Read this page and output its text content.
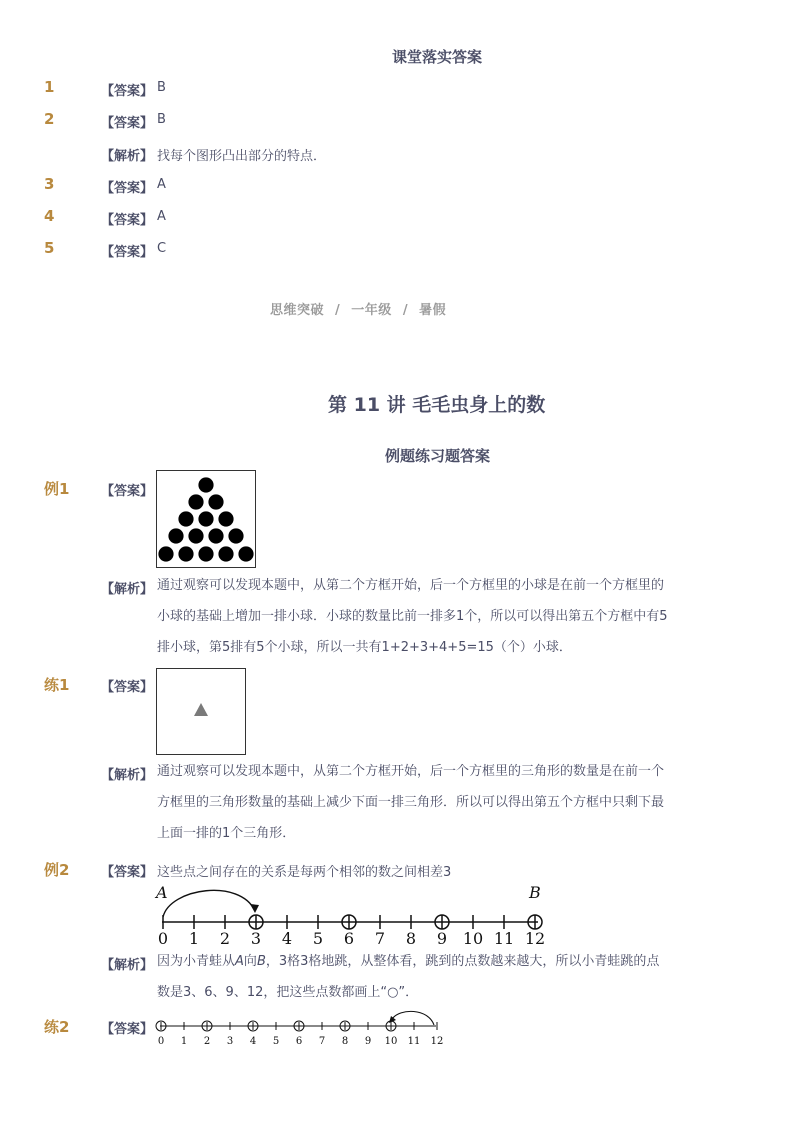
课堂落实答案
1	【答案】 B
2	【答案】 B
【解析】 找每个图形凸出部分的特点．
3	【答案】 A
4	【答案】 A
5	【答案】 C
思维突破 / 一年级 / 暑假
第 11 讲 毛毛虫身上的数
例题练习题答案
例1 【答案】
【解析】 通过观察可以发现本题中，从第二个方框开始，后一个方框里的小球是在前一个方框里的
小球的基础上增加一排小球．小球的数量比前一排多1个，所以可以得出第五个方框中有5
排小球，第5排有5个小球，所以一共有1+2+3+4+5=15（个）小球．
练1 【答案】
【解析】 通过观察可以发现本题中，从第二个方框开始，后一个方框里的三角形的数量是在前一个
方框里的三角形数量的基础上减少下面一排三角形．所以可以得出第五个方框中只剩下最
上面一排的1个三角形．
例2 【答案】 这些点之间存在的关系是每两个相邻的数之间相差3
A	B
0 1 2 3 4 5 6 7 8 9 10 11 12
【解析】 因为小青蛙从A向B，3格3格地跳，从整体看，跳到的点数越来越大，所以小青蛙跳的点
数是3、6、9、12，把这些点数都画上“○”．
练2 【答案】
0 1 2 3 4 5 6 7 8 9 10 11 12
